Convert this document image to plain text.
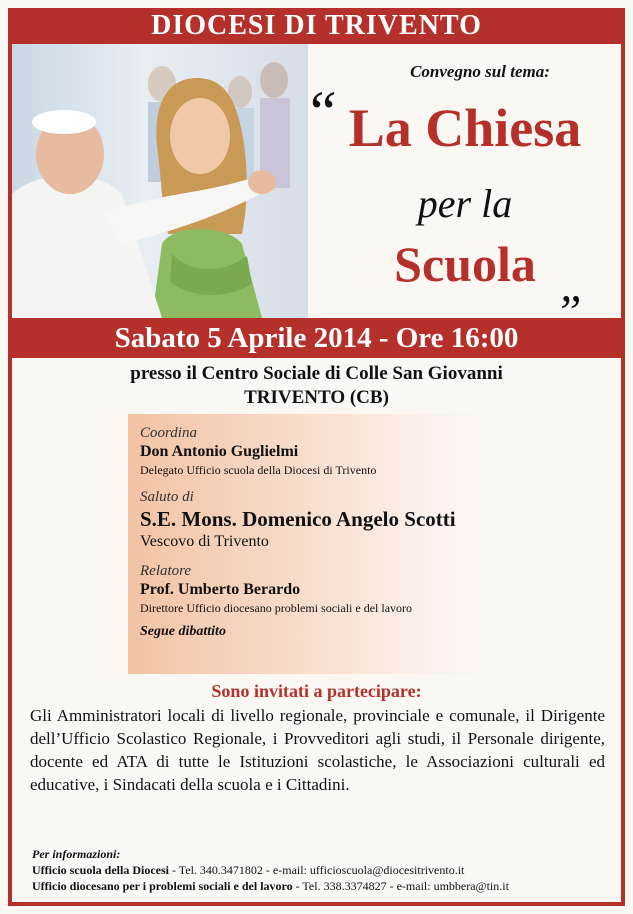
DIOCESI DI TRIVENTO
Convegno sul tema:
“ La Chiesa
per la
Scuola „
Sabato 5 Aprile 2014 - Ore 16:00
presso il Centro Sociale di Colle San Giovanni
TRIVENTO (CB)
Coordina
Don Antonio Guglielmi
Delegato Ufficio scuola della Diocesi di Trivento
Saluto di
S.E. Mons. Domenico Angelo Scotti
Vescovo di Trivento
Relatore
Prof. Umberto Berardo
Direttore Ufficio diocesano problemi sociali e del lavoro
Segue dibattito
Sono invitati a partecipare:
Gli Amministratori locali di livello regionale, provinciale e comunale, il Dirigente dell’Ufficio Scolastico Regionale, i Provveditori agli studi, il Personale dirigente, docente ed ATA di tutte le Istituzioni scolastiche, le Associazioni culturali ed educative, i Sindacati della scuola e i Cittadini.
Per informazioni:
Ufficio scuola della Diocesi - Tel. 340.3471802 - e-mail: ufficioscuola@diocesitrivento.it
Ufficio diocesano per i problemi sociali e del lavoro - Tel. 338.3374827 - e-mail: umbbera@tin.it
